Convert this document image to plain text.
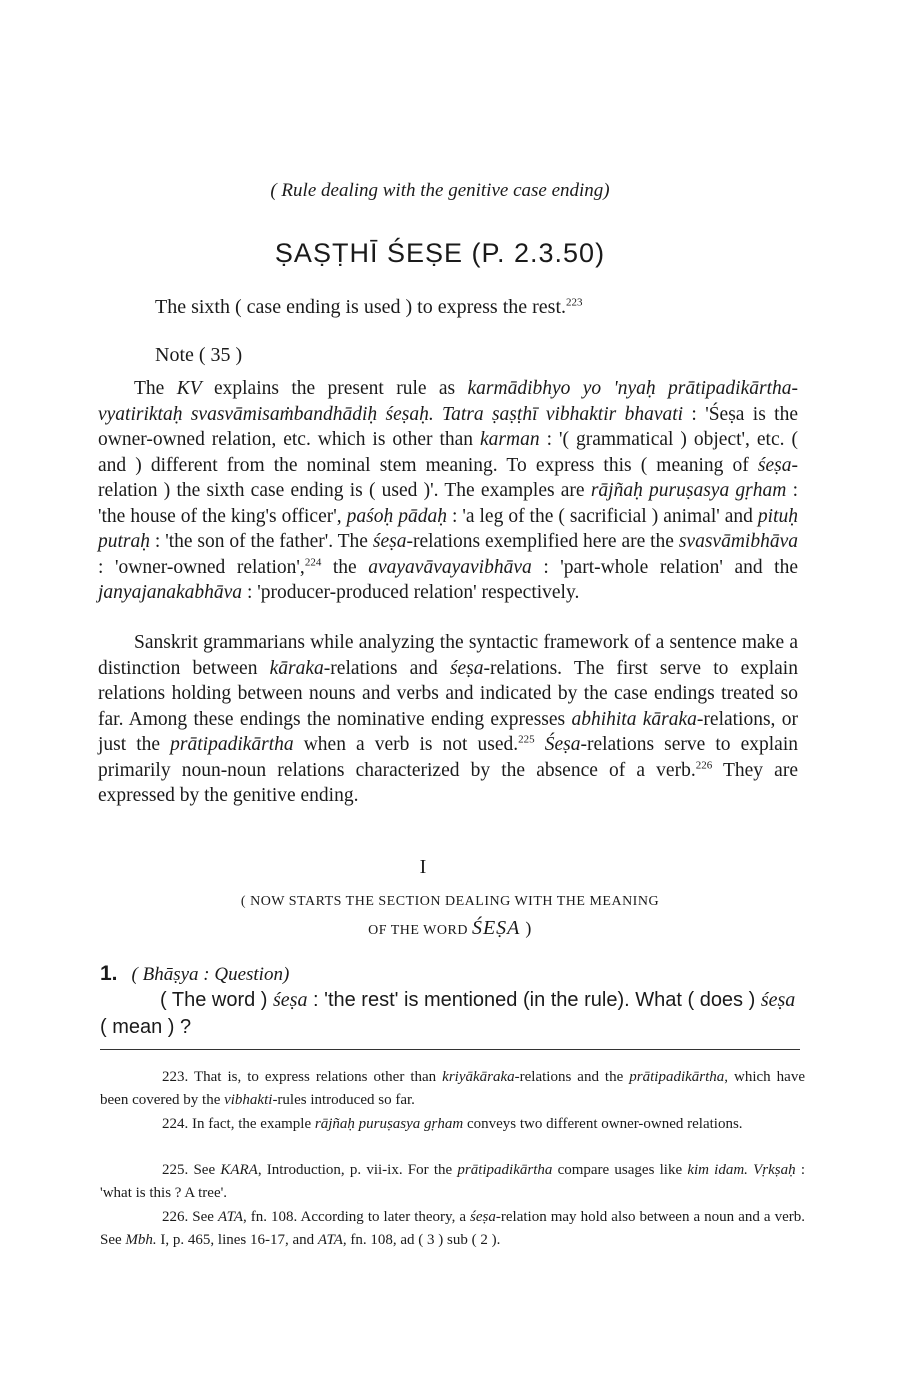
( Rule dealing with the genitive case ending)

ṢAṢṬHĪ ŚEṢE (P. 2.3.50)

The sixth ( case ending is used ) to express the rest.$^{223}$

Note ( 35 )

The KV explains the present rule as karmādibhyo yo 'nyaḥ prātipadikārtha-vyatiriktaḥ svasvāmisaṁbandhādiḥ śeṣaḥ. Tatra ṣaṣṭhī vibhaktir bhavati : 'Śeṣa is the owner-owned relation, etc. which is other than karman : '( grammatical ) object', etc. ( and ) different from the nominal stem meaning. To express this ( meaning of śeṣa-relation ) the sixth case ending is ( used )'. The examples are rājñaḥ puruṣasya gṛham : 'the house of the king's officer', paśoḥ pādaḥ : 'a leg of the ( sacrificial ) animal' and pituḥ putraḥ : 'the son of the father'. The śeṣa-relations exemplified here are the svasvāmibhāva : 'owner-owned relation',$^{224}$ the avayavāvayavibhāva : 'part-whole relation' and the janyajanakabhāva : 'producer-produced relation' respectively.

Sanskrit grammarians while analyzing the syntactic framework of a sentence make a distinction between kāraka-relations and śeṣa-relations. The first serve to explain relations holding between nouns and verbs and indicated by the case endings treated so far. Among these endings the nominative ending expresses abhihita kāraka-relations, or just the prātipadikārtha when a verb is not used.$^{225}$ Śeṣa-relations serve to explain primarily noun-noun relations characterized by the absence of a verb.$^{226}$ They are expressed by the genitive ending.

I

( NOW STARTS THE SECTION DEALING WITH THE MEANING
OF THE WORD ŚEṢA )

1. ( Bhāṣya : Question)

( The word ) śeṣa : 'the rest' is mentioned (in the rule). What ( does ) śeṣa ( mean ) ?

223. That is, to express relations other than kriyākāraka-relations and the prātipadikārtha, which have been covered by the vibhakti-rules introduced so far.

224. In fact, the example rājñaḥ puruṣasya gṛham conveys two different owner-owned relations.

225. See KARA, Introduction, p. vii-ix. For the prātipadikārtha compare usages like kim idam. Vṛkṣaḥ : 'what is this ? A tree'.

226. See ATA, fn. 108. According to later theory, a śeṣa-relation may hold also between a noun and a verb. See Mbh. I, p. 465, lines 16-17, and ATA, fn. 108, ad ( 3 ) sub ( 2 ).
